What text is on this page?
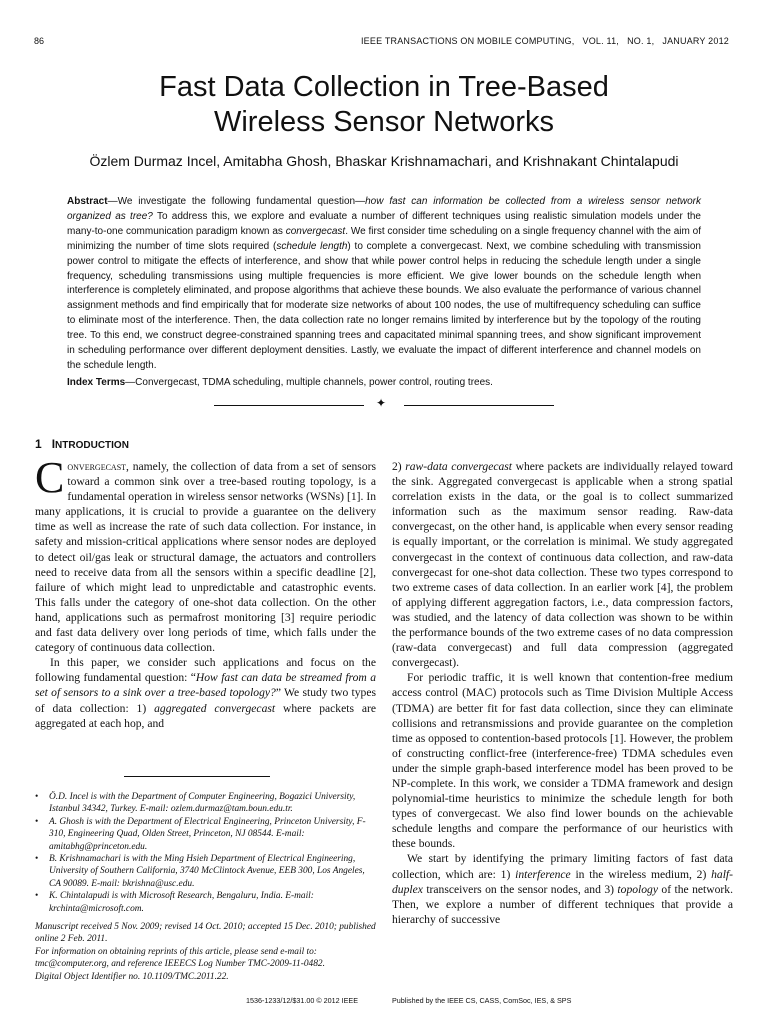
86	IEEE TRANSACTIONS ON MOBILE COMPUTING,   VOL. 11,   NO. 1,   JANUARY 2012
Fast Data Collection in Tree-Based
Wireless Sensor Networks
Özlem Durmaz Incel, Amitabha Ghosh, Bhaskar Krishnamachari, and Krishnakant Chintalapudi

Abstract—We investigate the following fundamental question—how fast can information be collected from a wireless sensor network organized as tree? To address this, we explore and evaluate a number of different techniques using realistic simulation models under the many-to-one communication paradigm known as convergecast. We first consider time scheduling on a single frequency channel with the aim of minimizing the number of time slots required (schedule length) to complete a convergecast. Next, we combine scheduling with transmission power control to mitigate the effects of interference, and show that while power control helps in reducing the schedule length under a single frequency, scheduling transmissions using multiple frequencies is more efficient. We give lower bounds on the schedule length when interference is completely eliminated, and propose algorithms that achieve these bounds. We also evaluate the performance of various channel assignment methods and find empirically that for moderate size networks of about 100 nodes, the use of multifrequency scheduling can suffice to eliminate most of the interference. Then, the data collection rate no longer remains limited by interference but by the topology of the routing tree. To this end, we construct degree-constrained spanning trees and capacitated minimal spanning trees, and show significant improvement in scheduling performance over different deployment densities. Lastly, we evaluate the impact of different interference and channel models on the schedule length.

Index Terms—Convergecast, TDMA scheduling, multiple channels, power control, routing trees.
✦
1 INTRODUCTION

Convergecast, namely, the collection of data from a set of sensors toward a common sink over a tree-based routing topology, is a fundamental operation in wireless sensor networks (WSNs) [1]. In many applications, it is crucial to provide a guarantee on the delivery time as well as increase the rate of such data collection. For instance, in safety and mission-critical applications where sensor nodes are deployed to detect oil/gas leak or structural damage, the actuators and controllers need to receive data from all the sensors within a specific deadline [2], failure of which might lead to unpredictable and catastrophic events. This falls under the category of one-shot data collection. On the other hand, applications such as permafrost monitoring [3] require periodic and fast data delivery over long periods of time, which falls under the category of continuous data collection.

In this paper, we consider such applications and focus on the following fundamental question: “How fast can data be streamed from a set of sensors to a sink over a tree-based topology?” We study two types of data collection: 1) aggregated convergecast where packets are aggregated at each hop, and

• Ö.D. Incel is with the Department of Computer Engineering, Bogazici University, Istanbul 34342, Turkey. E-mail: ozlem.durmaz@tam.boun.edu.tr.

• A. Ghosh is with the Department of Electrical Engineering, Princeton University, F-310, Engineering Quad, Olden Street, Princeton, NJ 08544. E-mail: amitabhg@princeton.edu.

• B. Krishnamachari is with the Ming Hsieh Department of Electrical Engineering, University of Southern California, 3740 McClintock Avenue, EEB 300, Los Angeles, CA 90089. E-mail: bkrishna@usc.edu.

• K. Chintalapudi is with Microsoft Research, Bengaluru, India. E-mail: krchinta@microsoft.com.

Manuscript received 5 Nov. 2009; revised 14 Oct. 2010; accepted 15 Dec. 2010; published online 2 Feb. 2011.

For information on obtaining reprints of this article, please send e-mail to: tmc@computer.org, and reference IEEECS Log Number TMC-2009-11-0482.

Digital Object Identifier no. 10.1109/TMC.2011.22.

2) raw-data convergecast where packets are individually relayed toward the sink. Aggregated convergecast is applicable when a strong spatial correlation exists in the data, or the goal is to collect summarized information such as the maximum sensor reading. Raw-data convergecast, on the other hand, is applicable when every sensor reading is equally important, or the correlation is minimal. We study aggregated convergecast in the context of continuous data collection, and raw-data convergecast for one-shot data collection. These two types correspond to two extreme cases of data collection. In an earlier work [4], the problem of applying different aggregation factors, i.e., data compression factors, was studied, and the latency of data collection was shown to be within the performance bounds of the two extreme cases of no data compression (raw-data convergecast) and full data compression (aggregated convergecast).

For periodic traffic, it is well known that contention-free medium access control (MAC) protocols such as Time Division Multiple Access (TDMA) are better fit for fast data collection, since they can eliminate collisions and retransmissions and provide guarantee on the completion time as opposed to contention-based protocols [1]. However, the problem of constructing conflict-free (interference-free) TDMA schedules even under the simple graph-based interference model has been proved to be NP-complete. In this work, we consider a TDMA framework and design polynomial-time heuristics to minimize the schedule length for both types of convergecast. We also find lower bounds on the achievable schedule lengths and compare the performance of our heuristics with these bounds.

We start by identifying the primary limiting factors of fast data collection, which are: 1) interference in the wireless medium, 2) half-duplex transceivers on the sensor nodes, and 3) topology of the network. Then, we explore a number of different techniques that provide a hierarchy of successive

1536-1233/12/$31.00 © 2012 IEEE	Published by the IEEE CS, CASS, ComSoc, IES, & SPS
